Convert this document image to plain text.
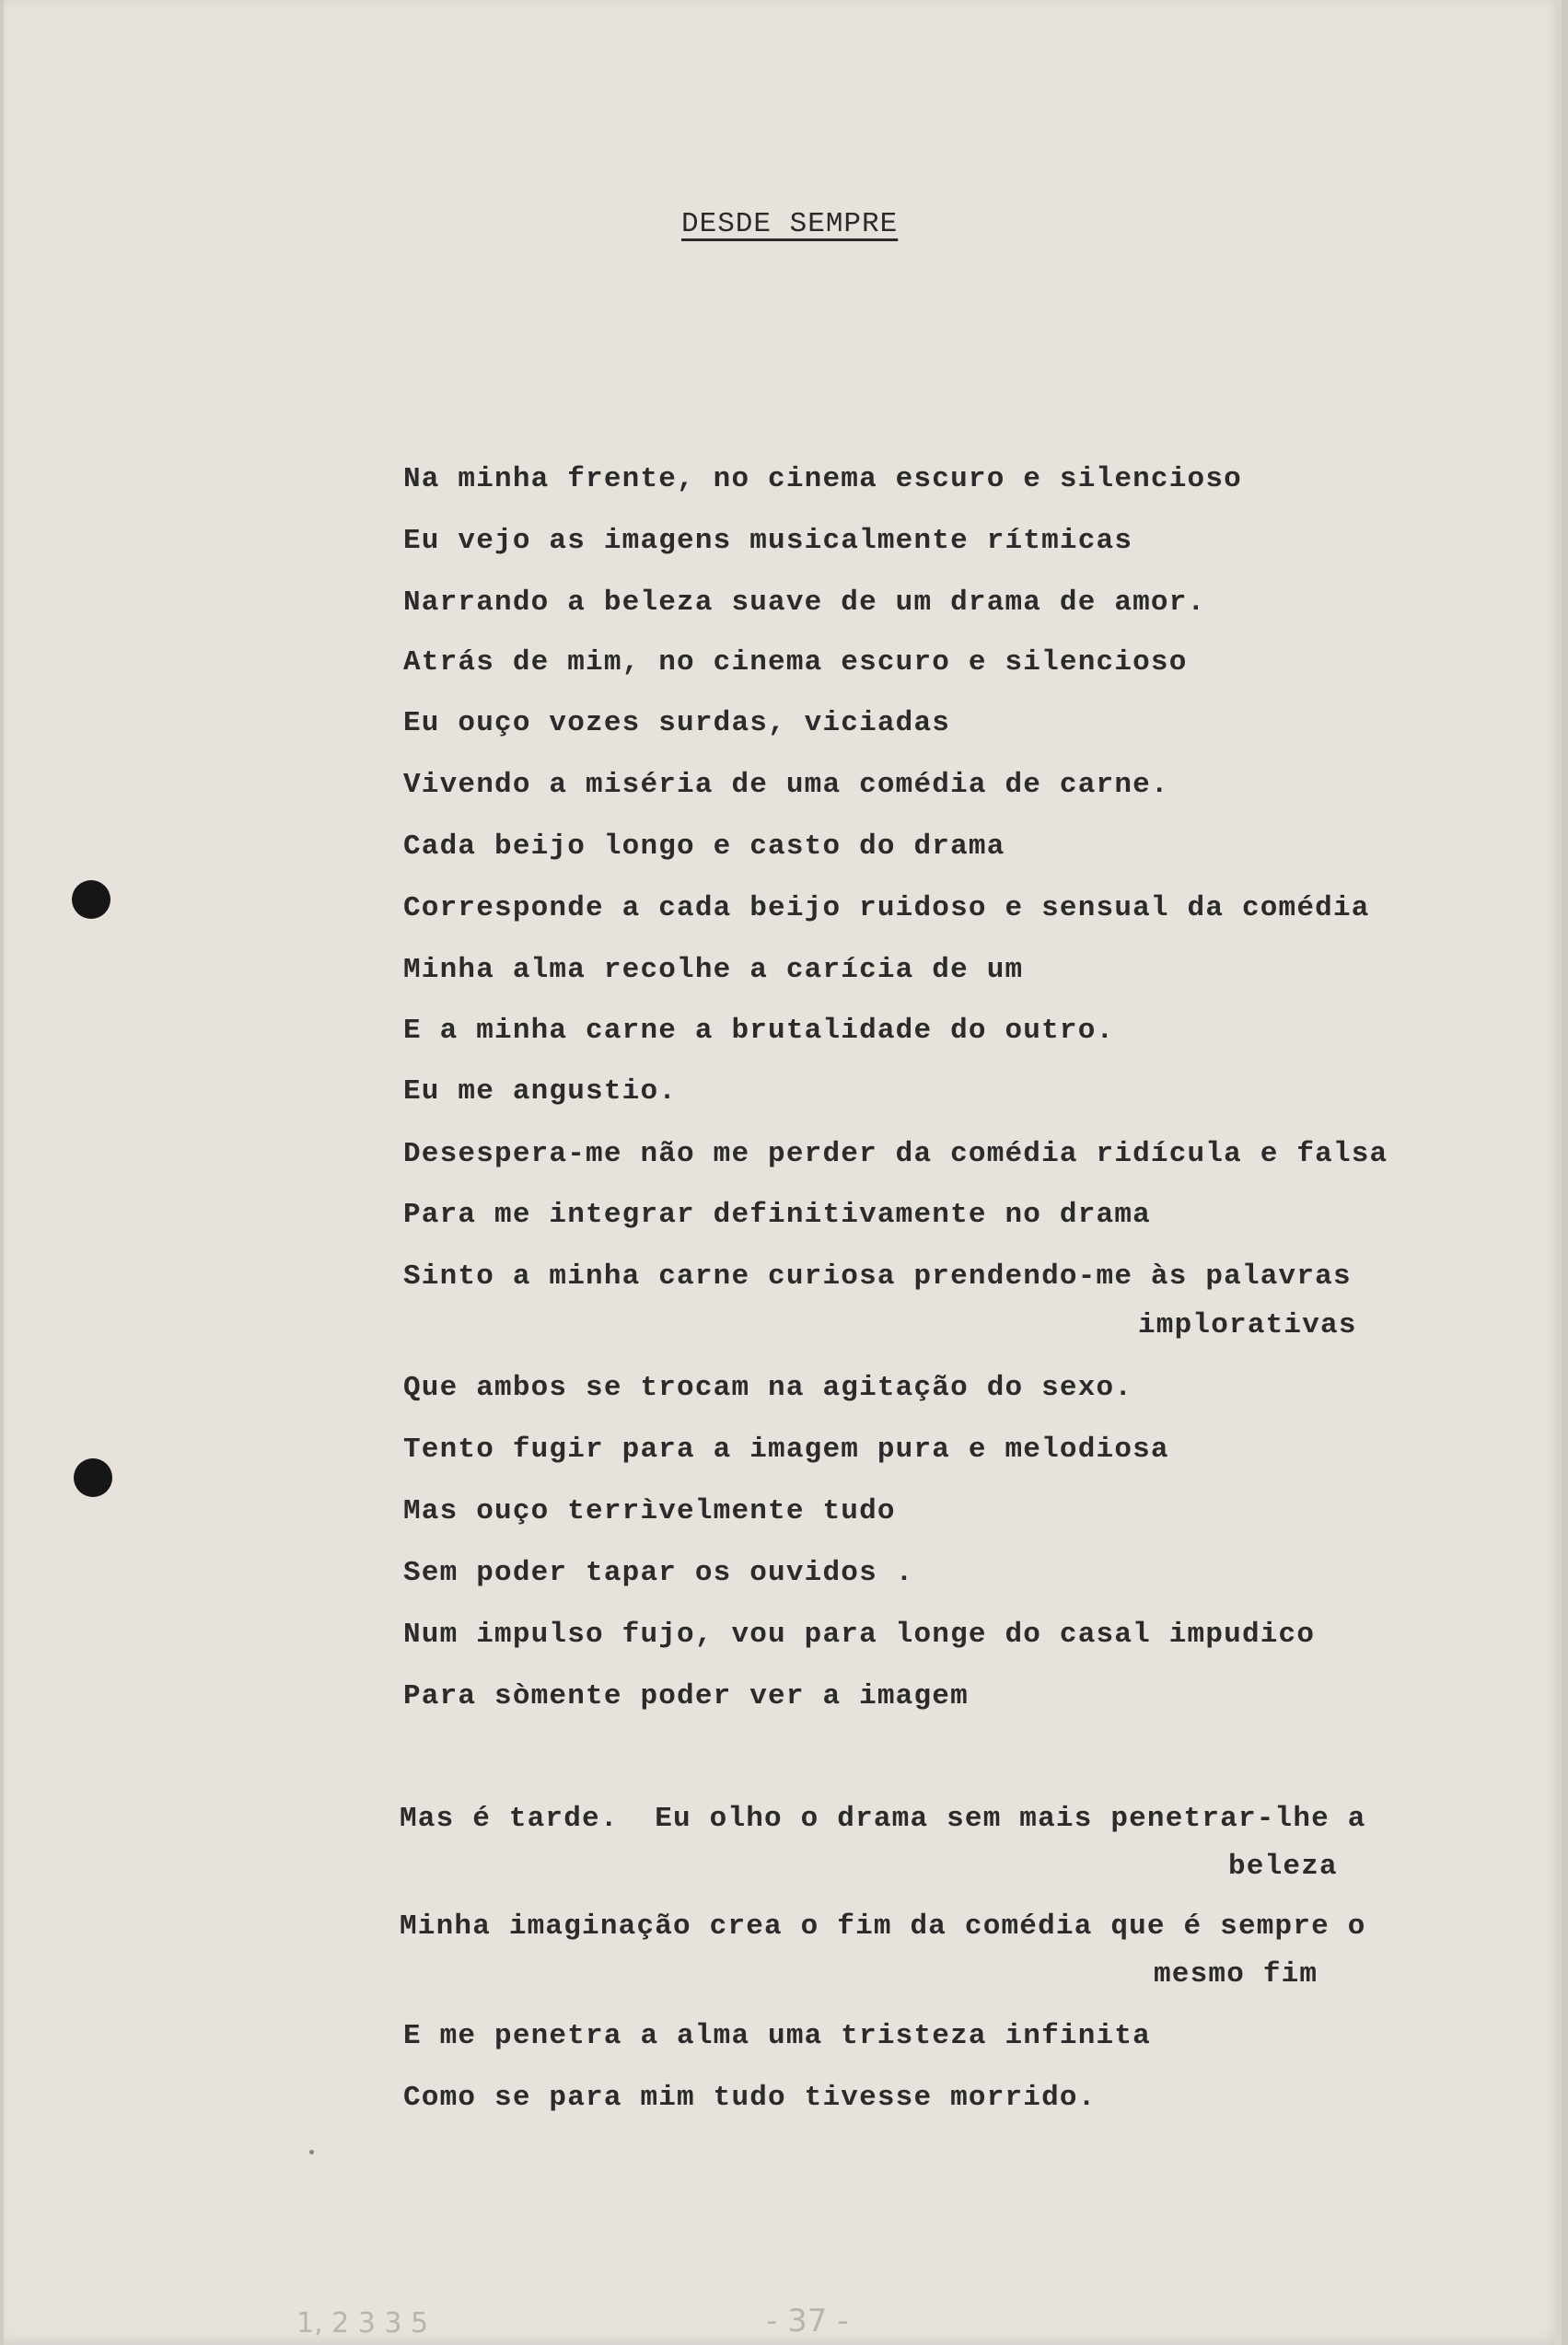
DESDE SEMPRE
Na minha frente, no cinema escuro e silencioso
Eu vejo as imagens musicalmente rítmicas
Narrando a beleza suave de um drama de amor.
Atrás de mim, no cinema escuro e silencioso
Eu ouço vozes surdas, viciadas
Vivendo a miséria de uma comédia de carne.
Cada beijo longo e casto do drama
Corresponde a cada beijo ruidoso e sensual da comédia
Minha alma recolhe a carícia de um
E a minha carne a brutalidade do outro.
Eu me angustio.
Desespera-me não me perder da comédia ridícula e falsa
Para me integrar definitivamente no drama
Sinto a minha carne curiosa prendendo-me às palavras
implorativas
Que ambos se trocam na agitação do sexo.
Tento fugir para a imagem pura e melodiosa
Mas ouço terrìvelmente tudo
Sem poder tapar os ouvidos .
Num impulso fujo, vou para longe do casal impudico
Para sòmente poder ver a imagem
Mas é tarde.  Eu olho o drama sem mais penetrar-lhe a
beleza
Minha imaginação crea o fim da comédia que é sempre o
mesmo fim
E me penetra a alma uma tristeza infinita
Como se para mim tudo tivesse morrido.
- 37 -
1, 2 3 3 5
